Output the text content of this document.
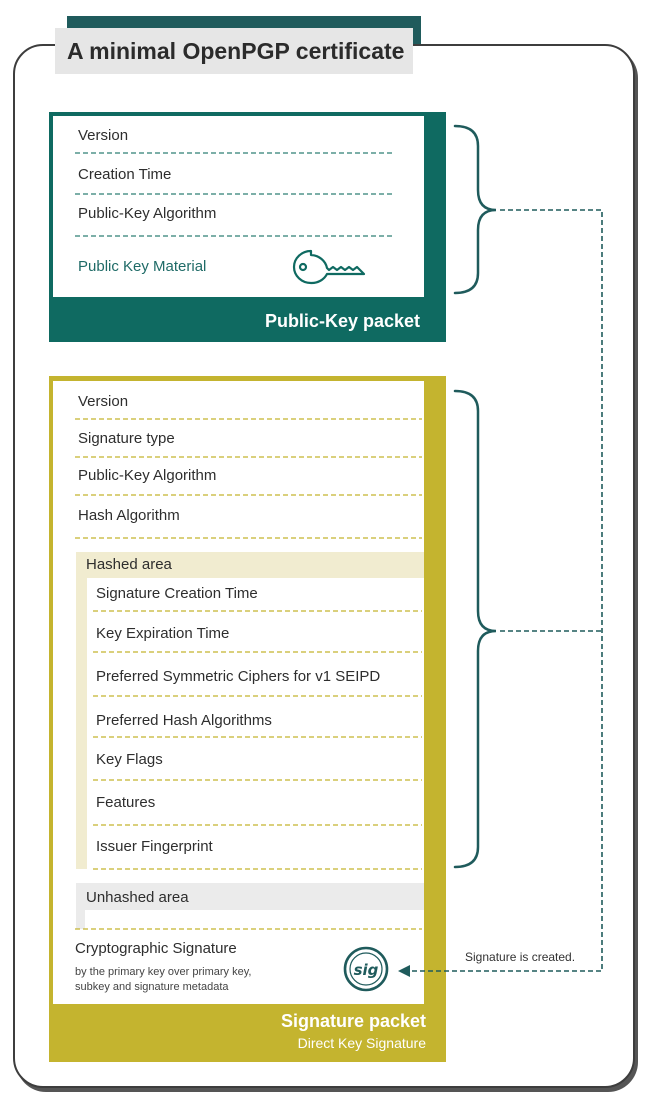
A minimal OpenPGP certificate
Version
Creation Time
Public-Key Algorithm
Public Key Material
Public-Key packet
Version
Signature type
Public-Key Algorithm
Hash Algorithm
Hashed area
Signature Creation Time
Key Expiration Time
Preferred Symmetric Ciphers for v1 SEIPD
Preferred Hash Algorithms
Key Flags
Features
Issuer Fingerprint
Unhashed area
Cryptographic Signature
by the primary key over primary key,
subkey and signature metadata
Signature packet
Direct Key Signature
Signature is created.
sig
